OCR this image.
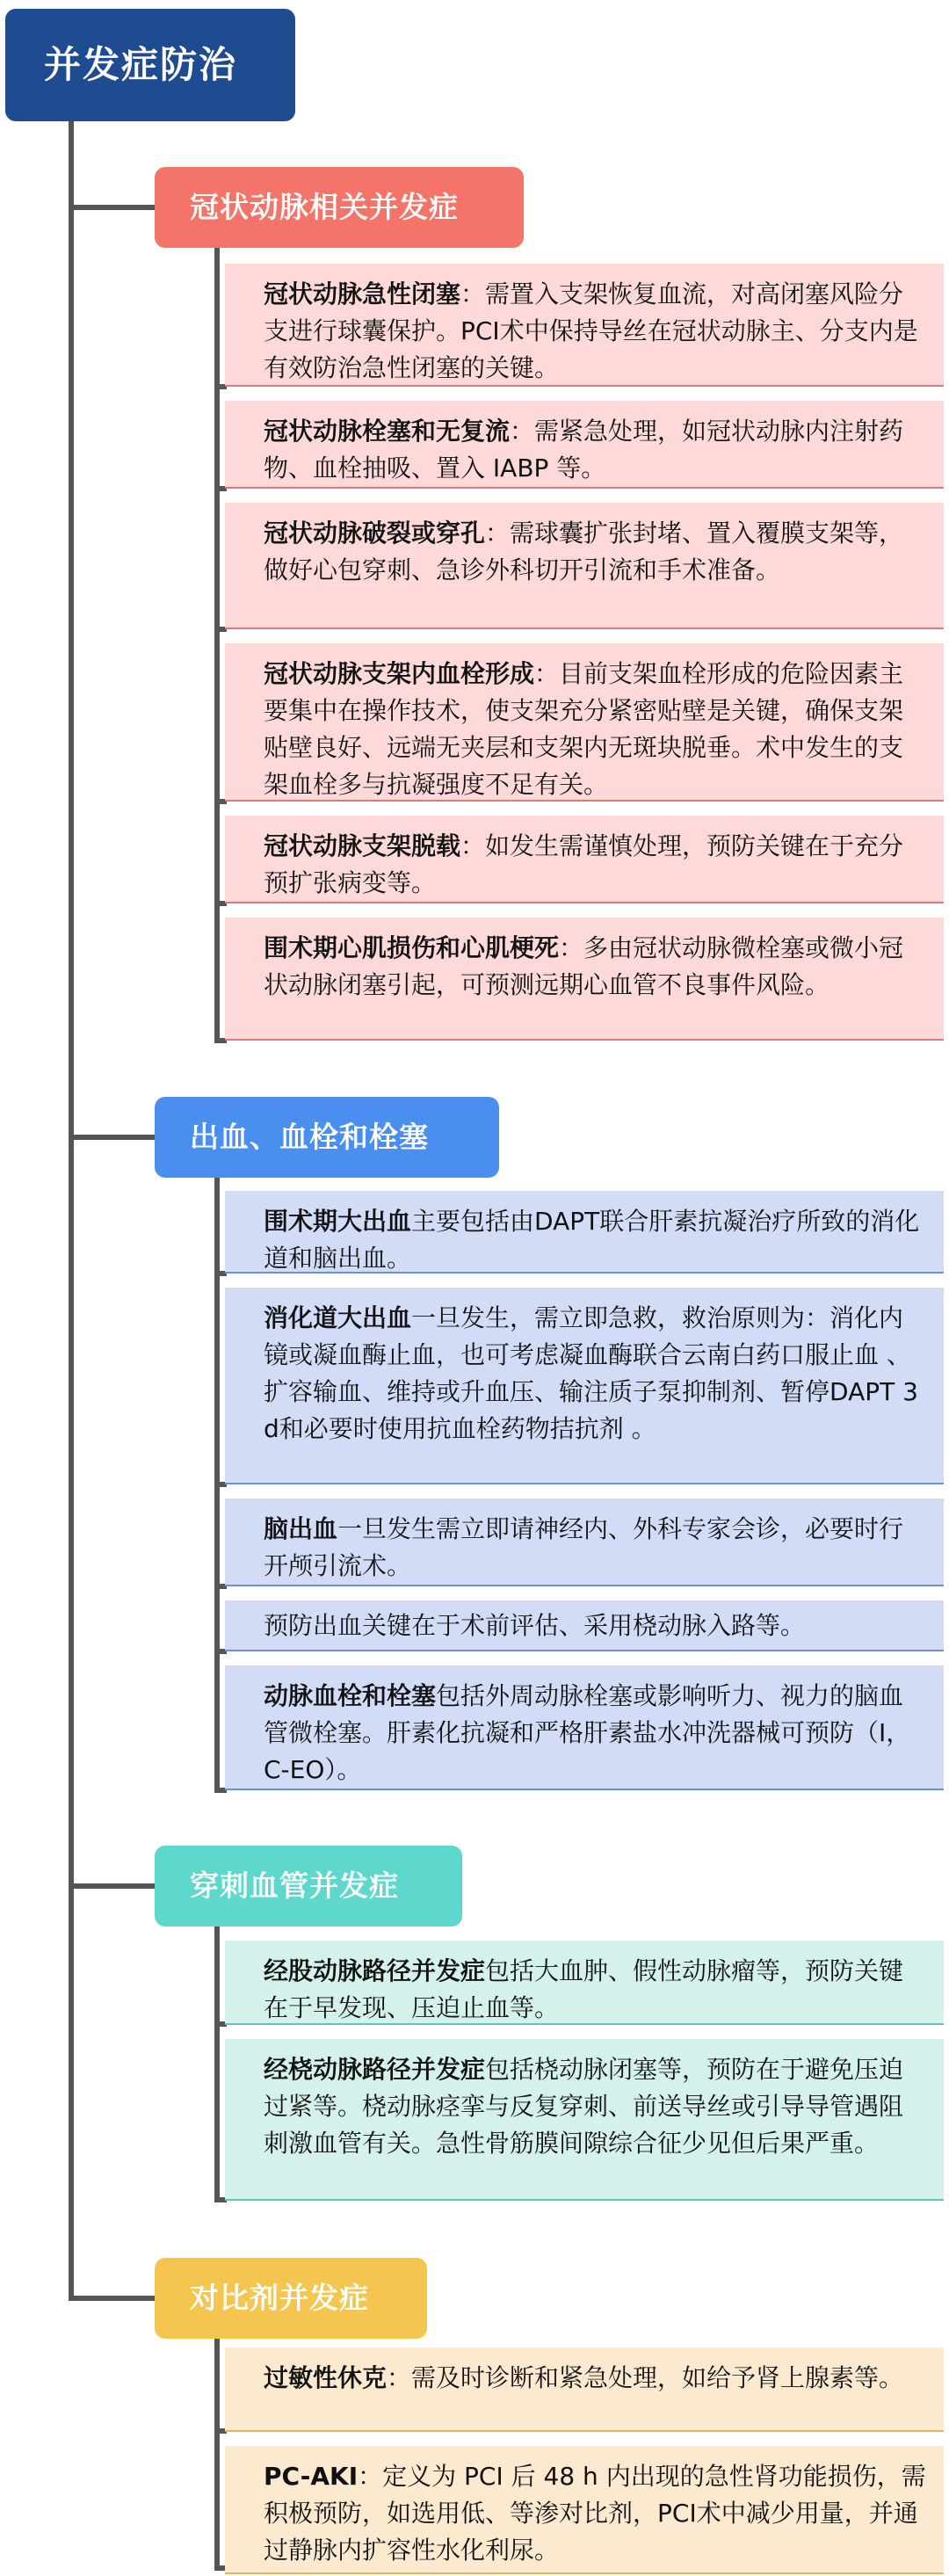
并发症防治
冠状动脉相关并发症
冠状动脉急性闭塞：需置入支架恢复血流，对高闭塞风险分支进行球囊保护。PCI术中保持导丝在冠状动脉主、分支内是有效防治急性闭塞的关键。
冠状动脉栓塞和无复流：需紧急处理，如冠状动脉内注射药物、血栓抽吸、置入 IABP 等。
冠状动脉破裂或穿孔：需球囊扩张封堵、置入覆膜支架等，做好心包穿刺、急诊外科切开引流和手术准备。
冠状动脉支架内血栓形成：目前支架血栓形成的危险因素主要集中在操作技术，使支架充分紧密贴壁是关键，确保支架贴壁良好、远端无夹层和支架内无斑块脱垂。术中发生的支架血栓多与抗凝强度不足有关。
冠状动脉支架脱载：如发生需谨慎处理，预防关键在于充分预扩张病变等。
围术期心肌损伤和心肌梗死：多由冠状动脉微栓塞或微小冠状动脉闭塞引起，可预测远期心血管不良事件风险。
出血、血栓和栓塞
围术期大出血主要包括由DAPT联合肝素抗凝治疗所致的消化道和脑出血。
消化道大出血一旦发生，需立即急救，救治原则为：消化内镜或凝血酶止血，也可考虑凝血酶联合云南白药口服止血 、扩容输血、维持或升血压、输注质子泵抑制剂、暂停DAPT 3 d和必要时使用抗血栓药物拮抗剂 。
脑出血一旦发生需立即请神经内、外科专家会诊，必要时行开颅引流术。
预防出血关键在于术前评估、采用桡动脉入路等。
动脉血栓和栓塞包括外周动脉栓塞或影响听力、视力的脑血管微栓塞。肝素化抗凝和严格肝素盐水冲洗器械可预防（Ⅰ，C-EO）。
穿刺血管并发症
经股动脉路径并发症包括大血肿、假性动脉瘤等，预防关键在于早发现、压迫止血等。
经桡动脉路径并发症包括桡动脉闭塞等，预防在于避免压迫过紧等。桡动脉痉挛与反复穿刺、前送导丝或引导导管遇阻刺激血管有关。急性骨筋膜间隙综合征少见但后果严重。
对比剂并发症
过敏性休克：需及时诊断和紧急处理，如给予肾上腺素等。
PC-AKI：定义为 PCI 后 48 h 内出现的急性肾功能损伤，需积极预防，如选用低、等渗对比剂，PCI术中减少用量，并通过静脉内扩容性水化利尿。
